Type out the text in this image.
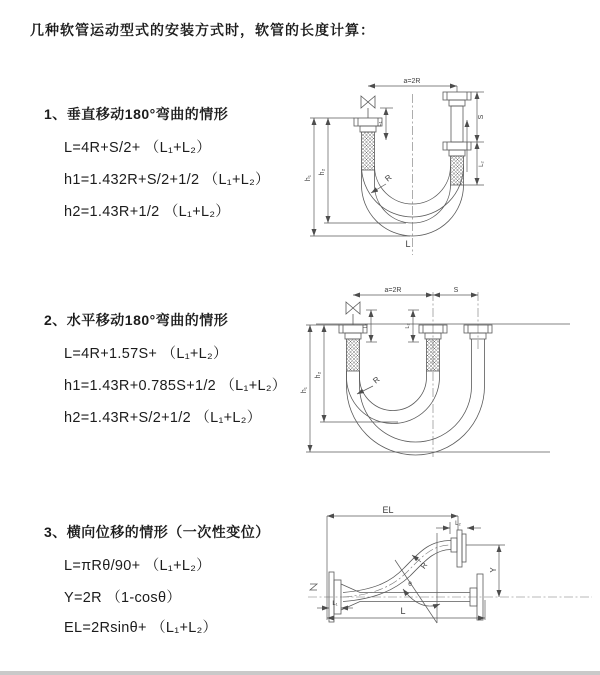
几种软管运动型式的安装方式时，软管的长度计算：
1、垂直移动180°弯曲的情形
L=4R+S/2+ （L₁+L₂）
h1=1.432R+S/2+1/2 （L₁+L₂）
h2=1.43R+1/2 （L₁+L₂）
a=2R
h₁
h₂
L₁
S
L₂
R
L
2、水平移动180°弯曲的情形
L=4R+1.57S+ （L₁+L₂）
h1=1.43R+0.785S+1/2 （L₁+L₂）
h2=1.43R+S/2+1/2 （L₁+L₂）
a=2R	S
h₁
h₂
L₁	L₂
R
3、横向位移的情形（一次性变位）
L=πRθ/90+ （L₁+L₂）
Y=2R （1-cosθ）
EL=2Rsinθ+ （L₁+L₂）
EL
L₂
Y
θ
R
L₁
L
